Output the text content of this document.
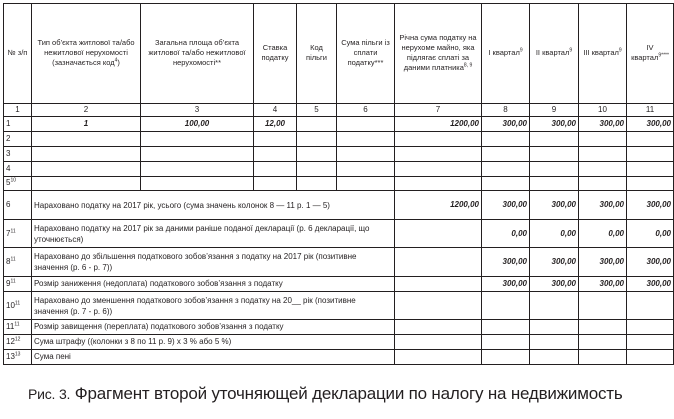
№ з/п	Тип об’єкта житлової та/або нежитлової нерухомості (зазначається код$^4$)	Загальна площа об’єкта житлової та/або нежитлової нерухомості**	Ставка податку	Код пільги	Сума пільги із сплати податку***	Річна сума податку на нерухоме майно, яка підлягає сплаті за даними платника$^{8, 9}$	I квартал$^9$	II квартал$^9$	III квартал$^9$	IV квартал$^{9****}$
1	2	3	4	5	6	7	8	9	10	11
1	1	100,00	12,00			1200,00	300,00	300,00	300,00	300,00
2										
3										
4										
$5^{10}$										
6	Нараховано податку на 2017 рік, усього (сума значень колонок 8 — 11 р. 1 — 5)					1200,00	300,00	300,00	300,00	300,00
$7^{11}$	Нараховано податку на 2017 рік за даними раніше поданої декларації (р. 6 декларації, що уточнюється)						0,00	0,00	0,00	0,00
$8^{11}$	Нараховано до збільшення податкового зобов’язання з податку на 2017 рік (позитивне значення (р. 6 - р. 7))						300,00	300,00	300,00	300,00
$9^{11}$	Розмір заниження (недоплата) податкового зобов’язання з податку						300,00	300,00	300,00	300,00
$10^{11}$	Нараховано до зменшення податкового зобов’язання з податку на 20__ рік (позитивне значення (р. 7 - р. 6))									
$11^{11}$	Розмір завищення (переплата) податкового зобов’язання з податку									
$12^{12}$	Сума штрафу ((колонки з 8 по 11 р. 9) х 3 % або 5 %)									
$13^{13}$	Сума пені									
Рис. 3. Фрагмент второй уточняющей декларации по налогу на недвижимость
